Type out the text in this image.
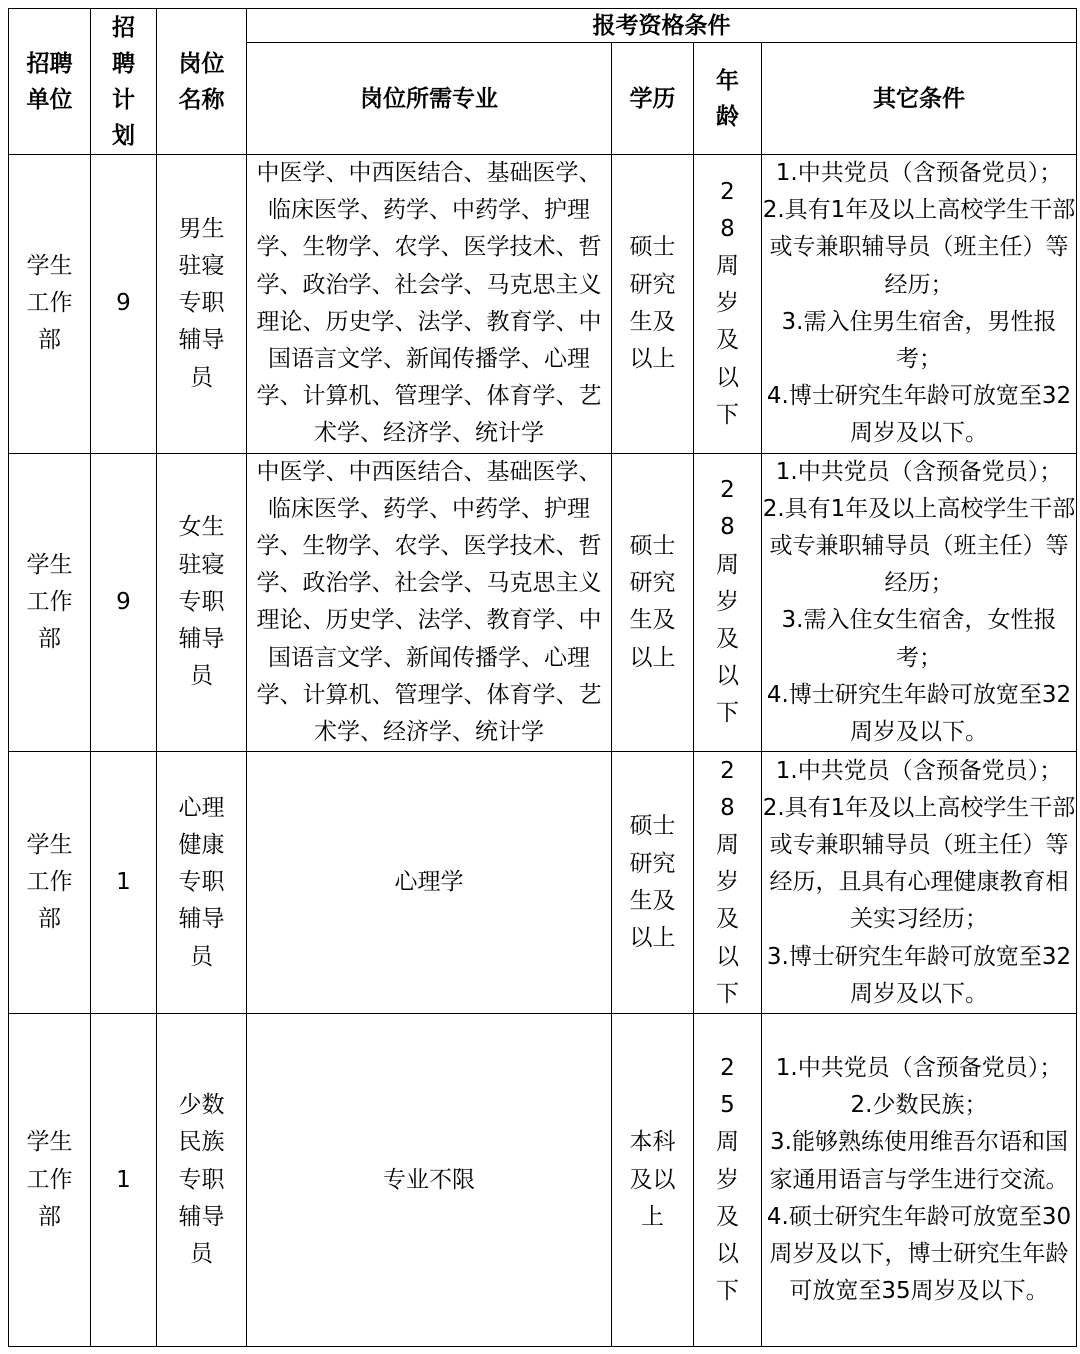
招聘单位	招聘计划	岗位名称	报考资格条件			
			岗位所需专业	学历	年龄	其它条件
学生工作部	9	男生驻寝专职辅导员	中医学、中西医结合、基础医学、临床医学、药学、中药学、护理学、生物学、农学、医学技术、哲学、政治学、社会学、马克思主义理论、历史学、法学、教育学、中国语言文学、新闻传播学、心理学、计算机、管理学、体育学、艺术学、经济学、统计学	硕士研究生及以上	28周岁及以下	1.中共党员（含预备党员）；
2.具有1年及以上高校学生干部或专兼职辅导员（班主任）等经历；
3.需入住男生宿舍，男性报考；
4.博士研究生年龄可放宽至32周岁及以下。

学生工作部	9	女生驻寝专职辅导员	中医学、中西医结合、基础医学、临床医学、药学、中药学、护理学、生物学、农学、医学技术、哲学、政治学、社会学、马克思主义理论、历史学、法学、教育学、中国语言文学、新闻传播学、心理学、计算机、管理学、体育学、艺术学、经济学、统计学	硕士研究生及以上	28周岁及以下	1.中共党员（含预备党员）；
2.具有1年及以上高校学生干部或专兼职辅导员（班主任）等经历；
3.需入住女生宿舍，女性报考；
4.博士研究生年龄可放宽至32周岁及以下。

学生工作部	1	心理健康专职辅导员	心理学	硕士研究生及以上	28周岁及以下	1.中共党员（含预备党员）；
2.具有1年及以上高校学生干部或专兼职辅导员（班主任）等经历，且具有心理健康教育相关实习经历；
3.博士研究生年龄可放宽至32周岁及以下。

学生工作部	1	少数民族专职辅导员	专业不限	本科及以上	25周岁及以下	1.中共党员（含预备党员）；
2.少数民族；
3.能够熟练使用维吾尔语和国家通用语言与学生进行交流。
4.硕士研究生年龄可放宽至30周岁及以下，博士研究生年龄可放宽至35周岁及以下。
